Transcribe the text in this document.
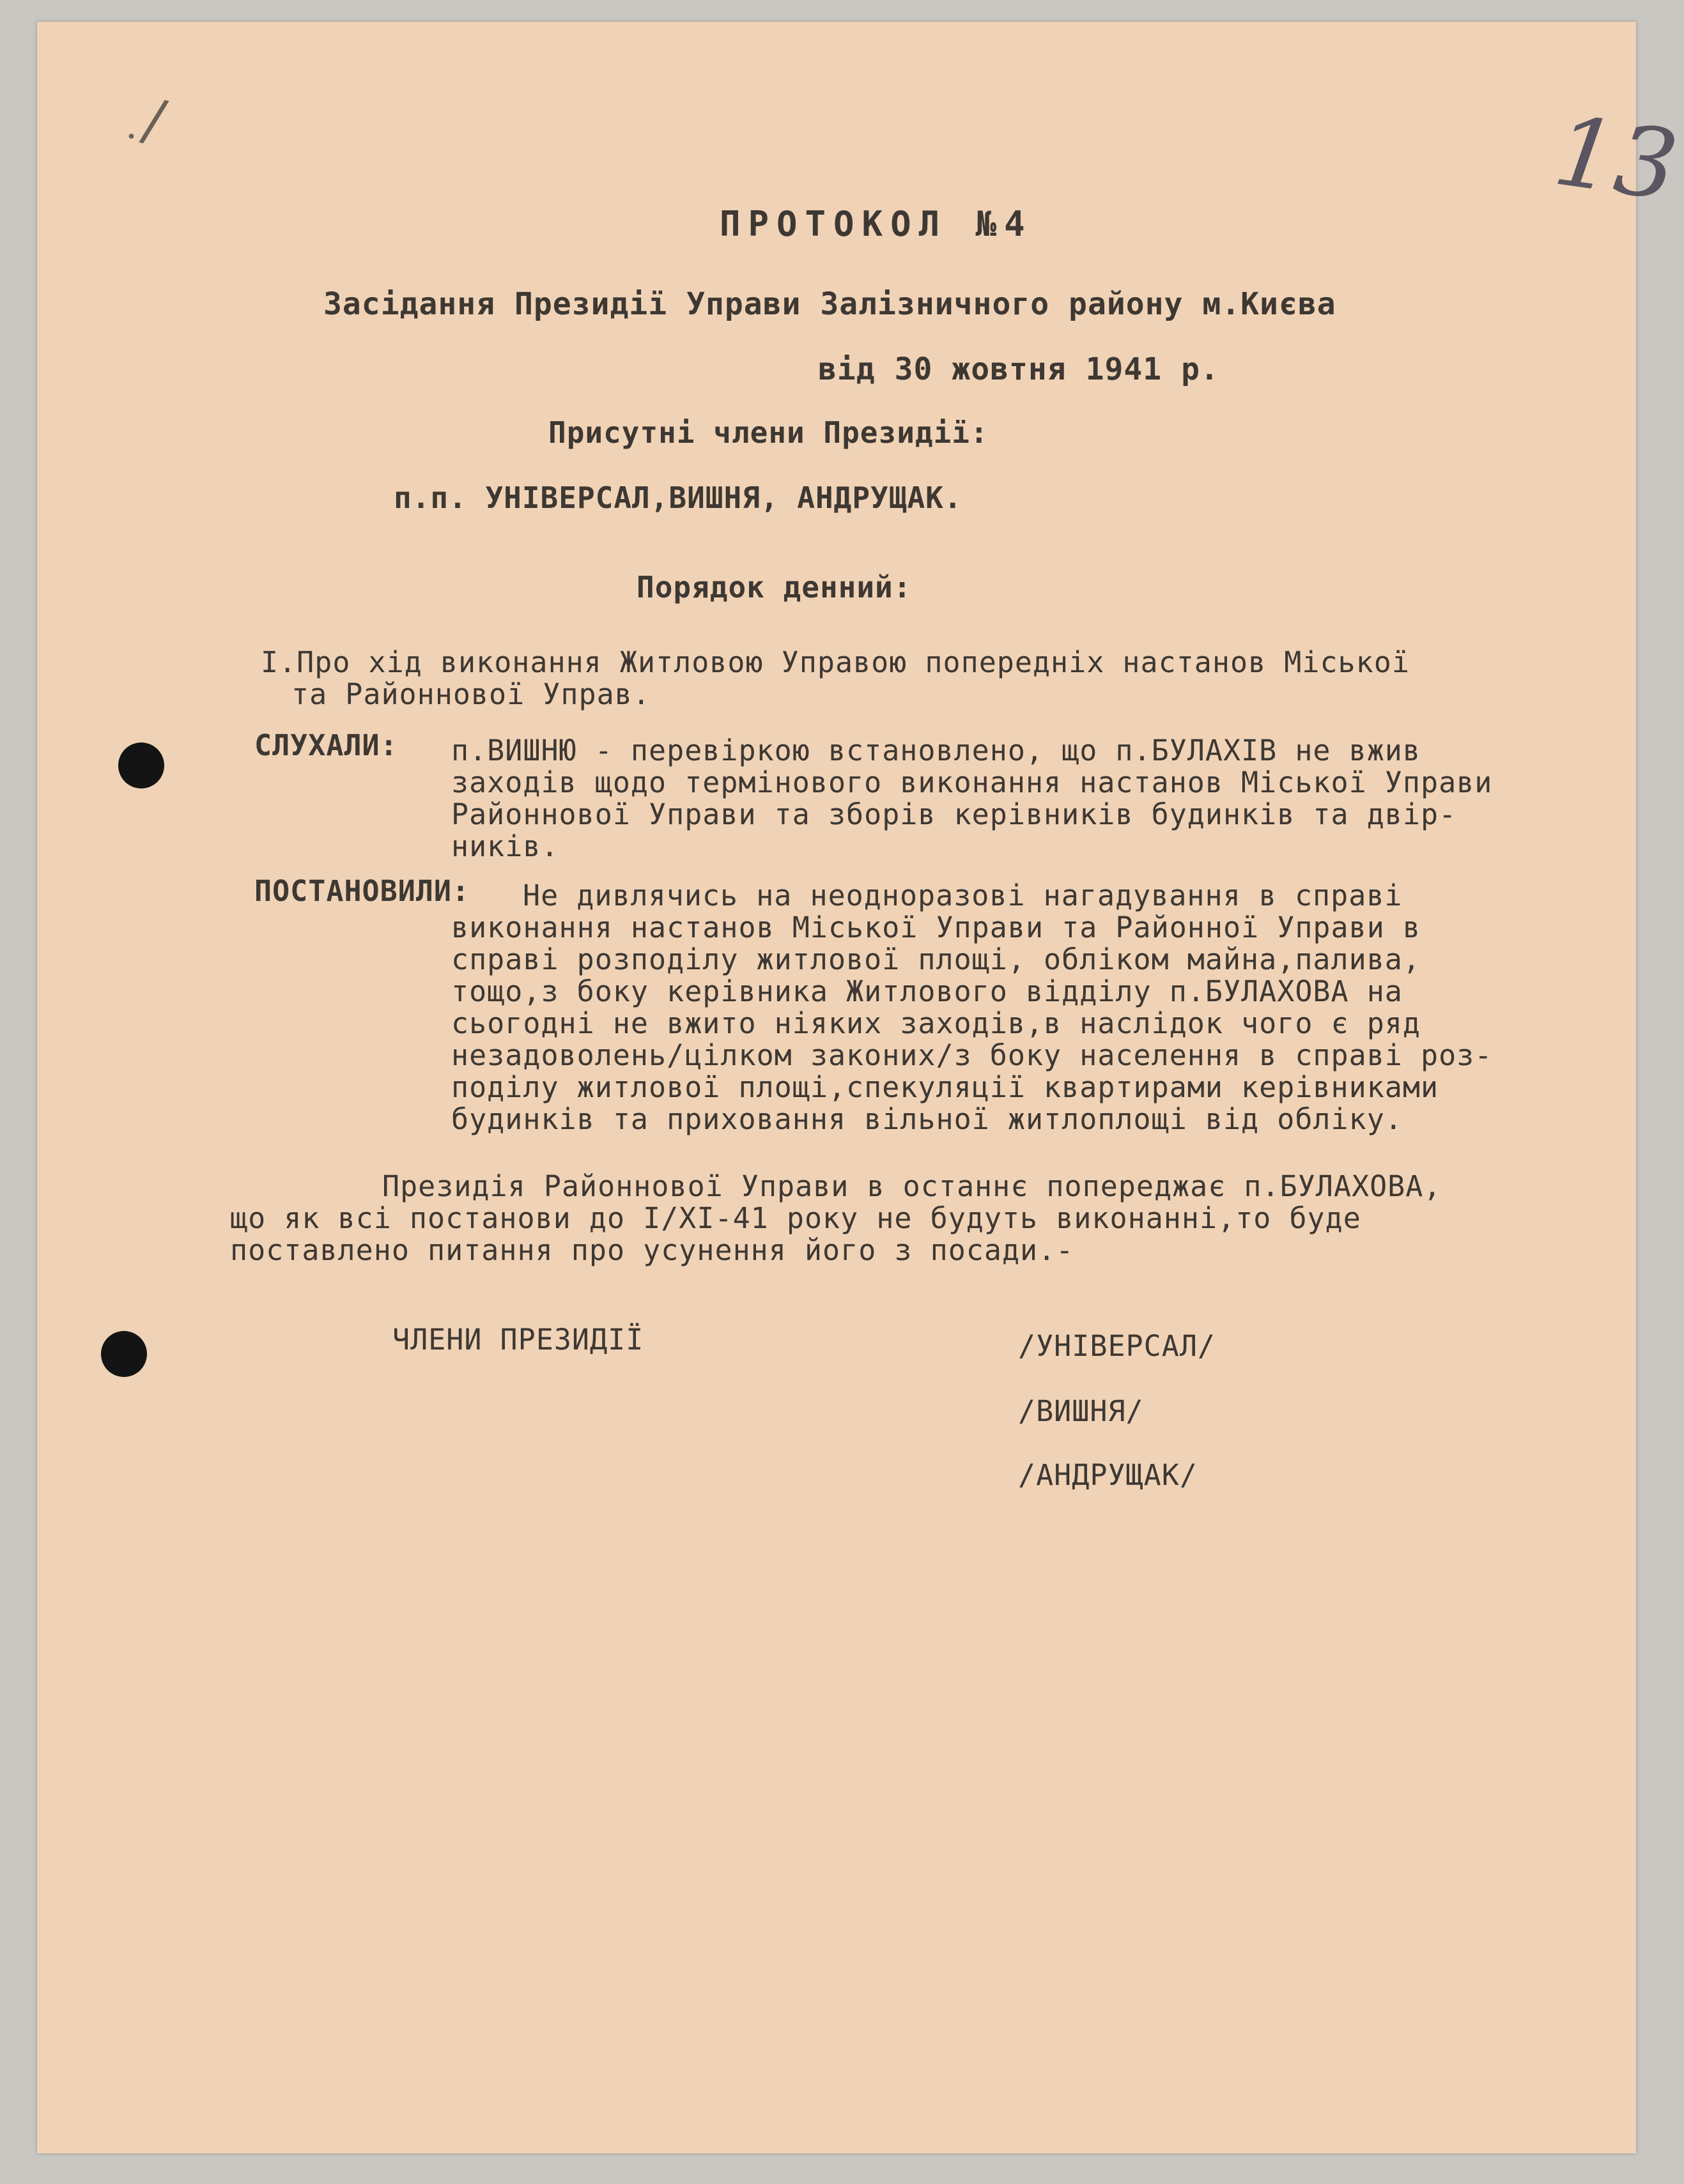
/
·	13
ПРОТОКОЛ №4
Засідання Президії Управи Залізничного району м.Києва
від 30 жовтня 1941 р.
Присутні члени Президії:
п.п. УНІВЕРСАЛ,ВИШНЯ, АНДРУЩАК.
Порядок денний:
I.Про хід виконання Житловою Управою попередніх настанов Міської
та Районнової Управ.
СЛУХАЛИ: п.ВИШНЮ - перевіркою встановлено, що п.БУЛАХІВ не вжив
заходів щодо термінового виконання настанов Міської Управи
Районнової Управи та зборів керівників будинків та двір-
ників.
ПОСТАНОВИЛИ: Не дивлячись на неодноразові нагадування в справі
виконання настанов Міської Управи та Районної Управи в
справі розподілу житлової площі, обліком майна,палива,
тощо,з боку керівника Житлового відділу п.БУЛАХОВА на
сьогодні не вжито ніяких заходів,в наслідок чого є ряд
незадоволень/цілком законих/з боку населення в справі роз-
поділу житлової площі,спекуляції квартирами керівниками
будинків та приховання вільної житлоплощі від обліку.
Президія Районнової Управи в останнє попереджає п.БУЛАХОВА,
що як всі постанови до I/XI-41 року не будуть виконанні,то буде
поставлено питання про усунення його з посади.-
ЧЛЕНИ ПРЕЗИДІЇ	/УНІВЕРСАЛ/
/ВИШНЯ/
/АНДРУЩАК/
